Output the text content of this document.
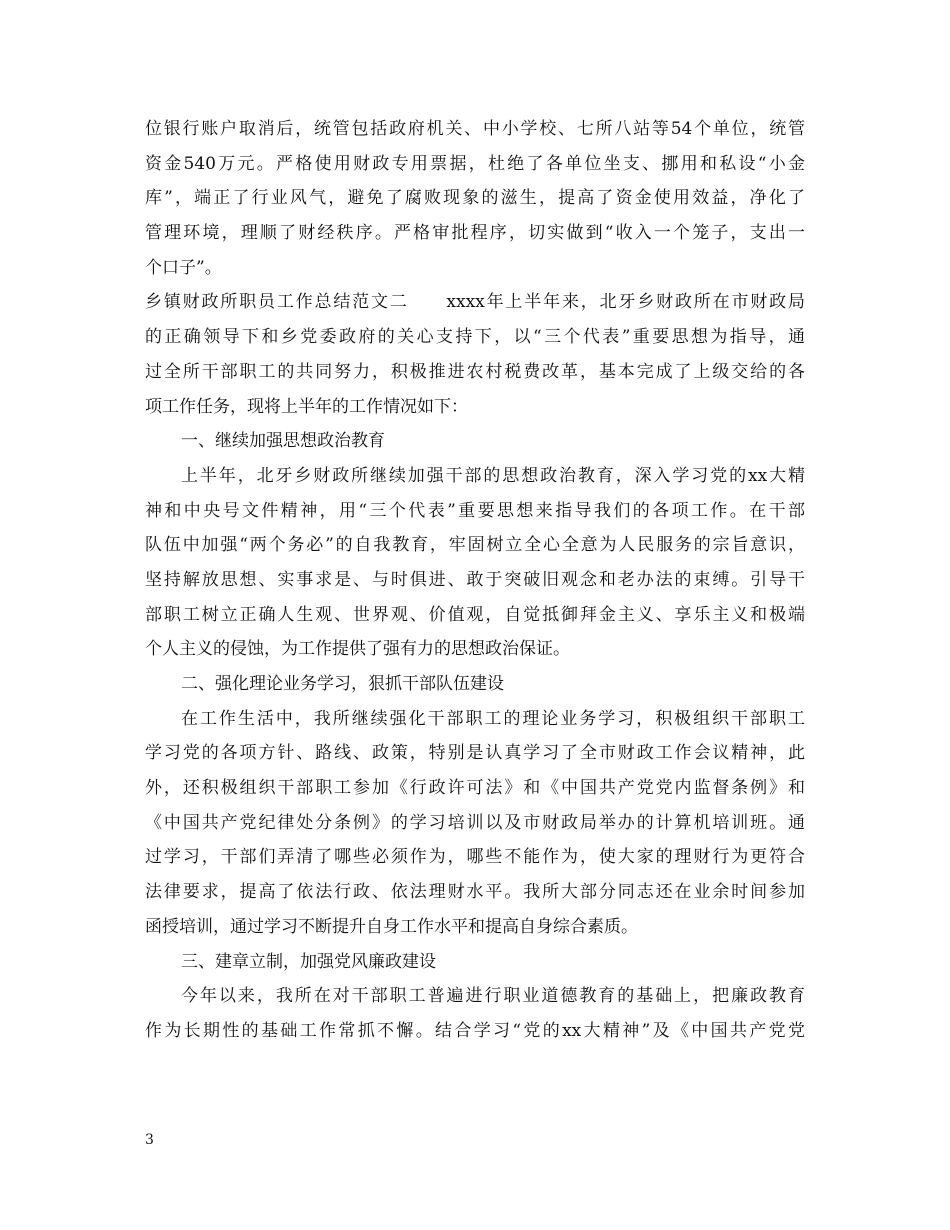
位银行账户取消后，统管包括政府机关、中小学校、七所八站等54个单位，统管
资金540万元。严格使用财政专用票据，杜绝了各单位坐支、挪用和私设“小金
库”，端正了行业风气，避免了腐败现象的滋生，提高了资金使用效益，净化了
管理环境，理顺了财经秩序。严格审批程序，切实做到“收入一个笼子，支出一
个口子”。
乡镇财政所职员工作总结范文二　　xxxx年上半年来，北牙乡财政所在市财政局
的正确领导下和乡党委政府的关心支持下，以“三个代表”重要思想为指导，通
过全所干部职工的共同努力，积极推进农村税费改革，基本完成了上级交给的各
项工作任务，现将上半年的工作情况如下：
一、继续加强思想政治教育
上半年，北牙乡财政所继续加强干部的思想政治教育，深入学习党的xx大精
神和中央号文件精神，用“三个代表”重要思想来指导我们的各项工作。在干部
队伍中加强“两个务必”的自我教育，牢固树立全心全意为人民服务的宗旨意识，
坚持解放思想、实事求是、与时俱进、敢于突破旧观念和老办法的束缚。引导干
部职工树立正确人生观、世界观、价值观，自觉抵御拜金主义、享乐主义和极端
个人主义的侵蚀，为工作提供了强有力的思想政治保证。
二、强化理论业务学习，狠抓干部队伍建设
在工作生活中，我所继续强化干部职工的理论业务学习，积极组织干部职工
学习党的各项方针、路线、政策，特别是认真学习了全市财政工作会议精神，此
外，还积极组织干部职工参加《行政许可法》和《中国共产党党内监督条例》和
《中国共产党纪律处分条例》的学习培训以及市财政局举办的计算机培训班。通
过学习，干部们弄清了哪些必须作为，哪些不能作为，使大家的理财行为更符合
法律要求，提高了依法行政、依法理财水平。我所大部分同志还在业余时间参加
函授培训，通过学习不断提升自身工作水平和提高自身综合素质。
三、建章立制，加强党风廉政建设
今年以来，我所在对干部职工普遍进行职业道德教育的基础上，把廉政教育
作为长期性的基础工作常抓不懈。结合学习“党的xx大精神”及《中国共产党党
3
